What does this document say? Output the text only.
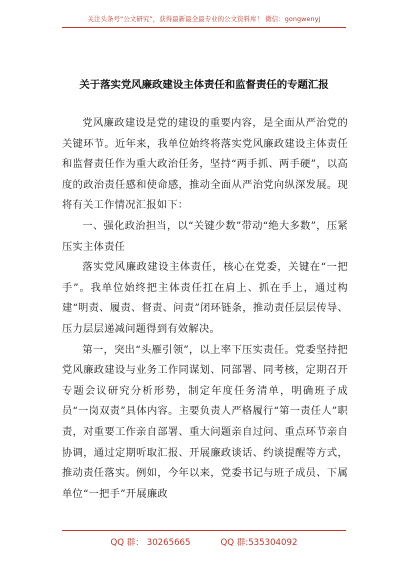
关注头条号“公文研究”，获得最新最全最专业的公文资料库！ 微信：gongwenyj
关于落实党风廉政建设主体责任和监督责任的专题汇报

党风廉政建设是党的建设的重要内容，是全面从严治党的关键环节。近年来，我单位始终将落实党风廉政建设主体责任和监督责任作为重大政治任务，坚持“两手抓、两手硬”，以高度的政治责任感和使命感，推动全面从严治党向纵深发展。现将有关工作情况汇报如下：

一、强化政治担当，以“关键少数”带动“绝大多数”，压紧压实主体责任

落实党风廉政建设主体责任，核心在党委，关键在“一把手”。我单位始终把主体责任扛在肩上、抓在手上，通过构建“明责、履责、督责、问责”闭环链条，推动责任层层传导、压力层层递减问题得到有效解决。

第一，突出“头雁引领”，以上率下压实责任。党委坚持把党风廉政建设与业务工作同谋划、同部署、同考核，定期召开专题会议研究分析形势，制定年度任务清单，明确班子成员“一岗双责”具体内容。主要负责人严格履行“第一责任人”职责，对重要工作亲自部署、重大问题亲自过问、重点环节亲自协调，通过定期听取汇报、开展廉政谈话、约谈提醒等方式，推动责任落实。例如，今年以来，党委书记与班子成员、下属单位“一把手”开展廉政

QQ 群： 30265665	QQ 群:535304092
